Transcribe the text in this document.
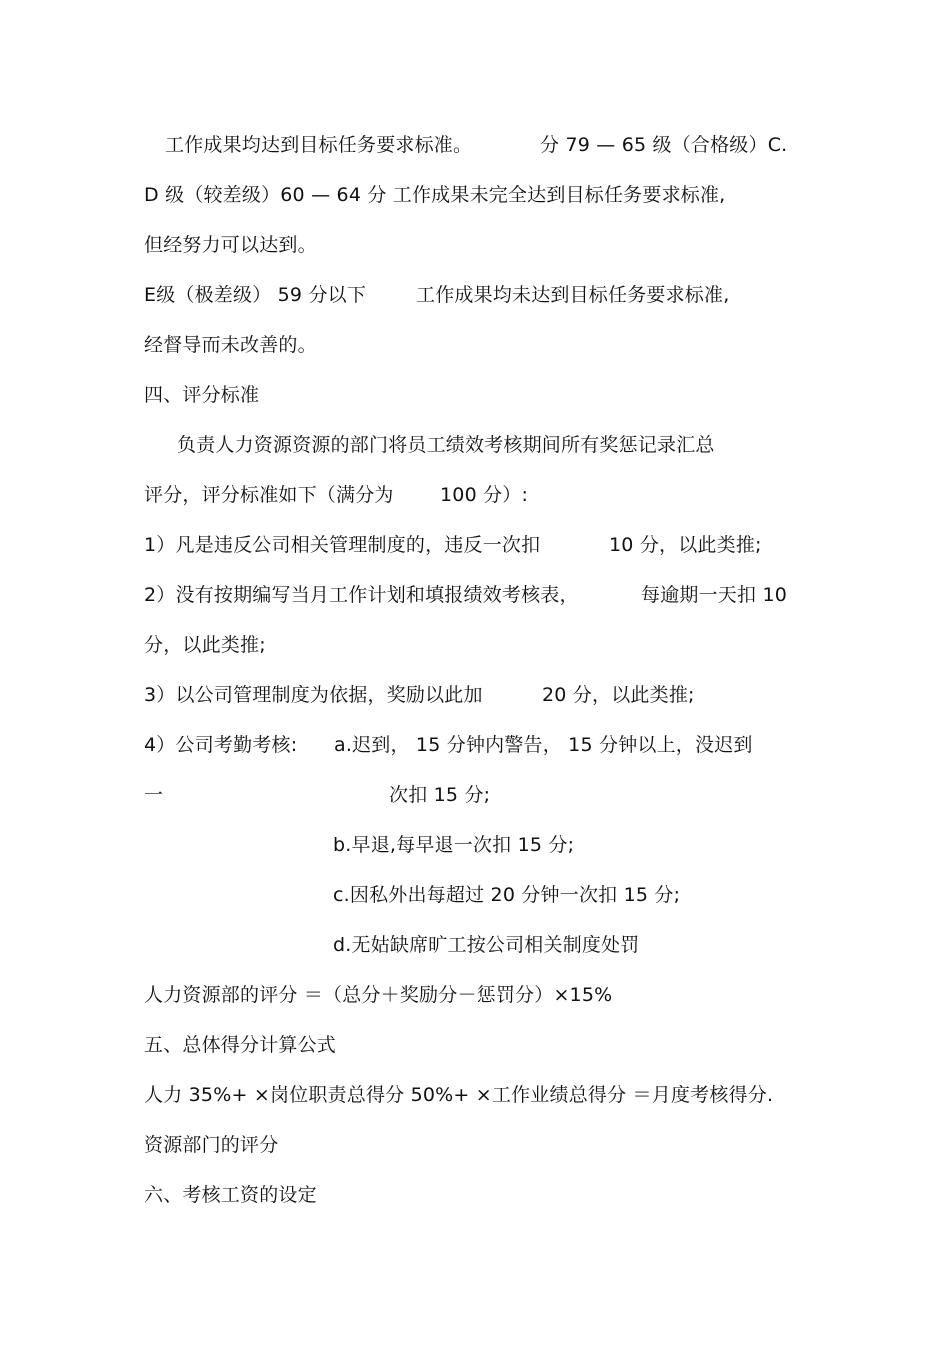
工作成果均达到目标任务要求标准。	分 79 — 65 级（合格级）C.
D 级（较差级）60 — 64 分 工作成果未完全达到目标任务要求标准,
但经努力可以达到。
E级（极差级） 59 分以下	工作成果均未达到目标任务要求标准,
经督导而未改善的。
四、评分标准
负责人力资源资源的部门将员工绩效考核期间所有奖惩记录汇总
评分，评分标准如下（满分为 100 分）:
1）凡是违反公司相关管理制度的，违反一次扣	10 分，以此类推;
2）没有按期编写当月工作计划和填报绩效考核表，	每逾期一天扣 10
分，以此类推;
3）以公司管理制度为依据，奖励以此加	20 分，以此类推;
4）公司考勤考核: a.迟到， 15 分钟内警告， 15 分钟以上，没迟到
一	次扣 15 分;
b.早退,每早退一次扣 15 分;
c.因私外出每超过 20 分钟一次扣 15 分;
d.无姑缺席旷工按公司相关制度处罚
人力资源部的评分 ＝（总分＋奖励分－惩罚分）×15%
五、总体得分计算公式
人力 35%+ ×岗位职责总得分 50%+ ×工作业绩总得分 ＝月度考核得分.
资源部门的评分
六、考核工资的设定
